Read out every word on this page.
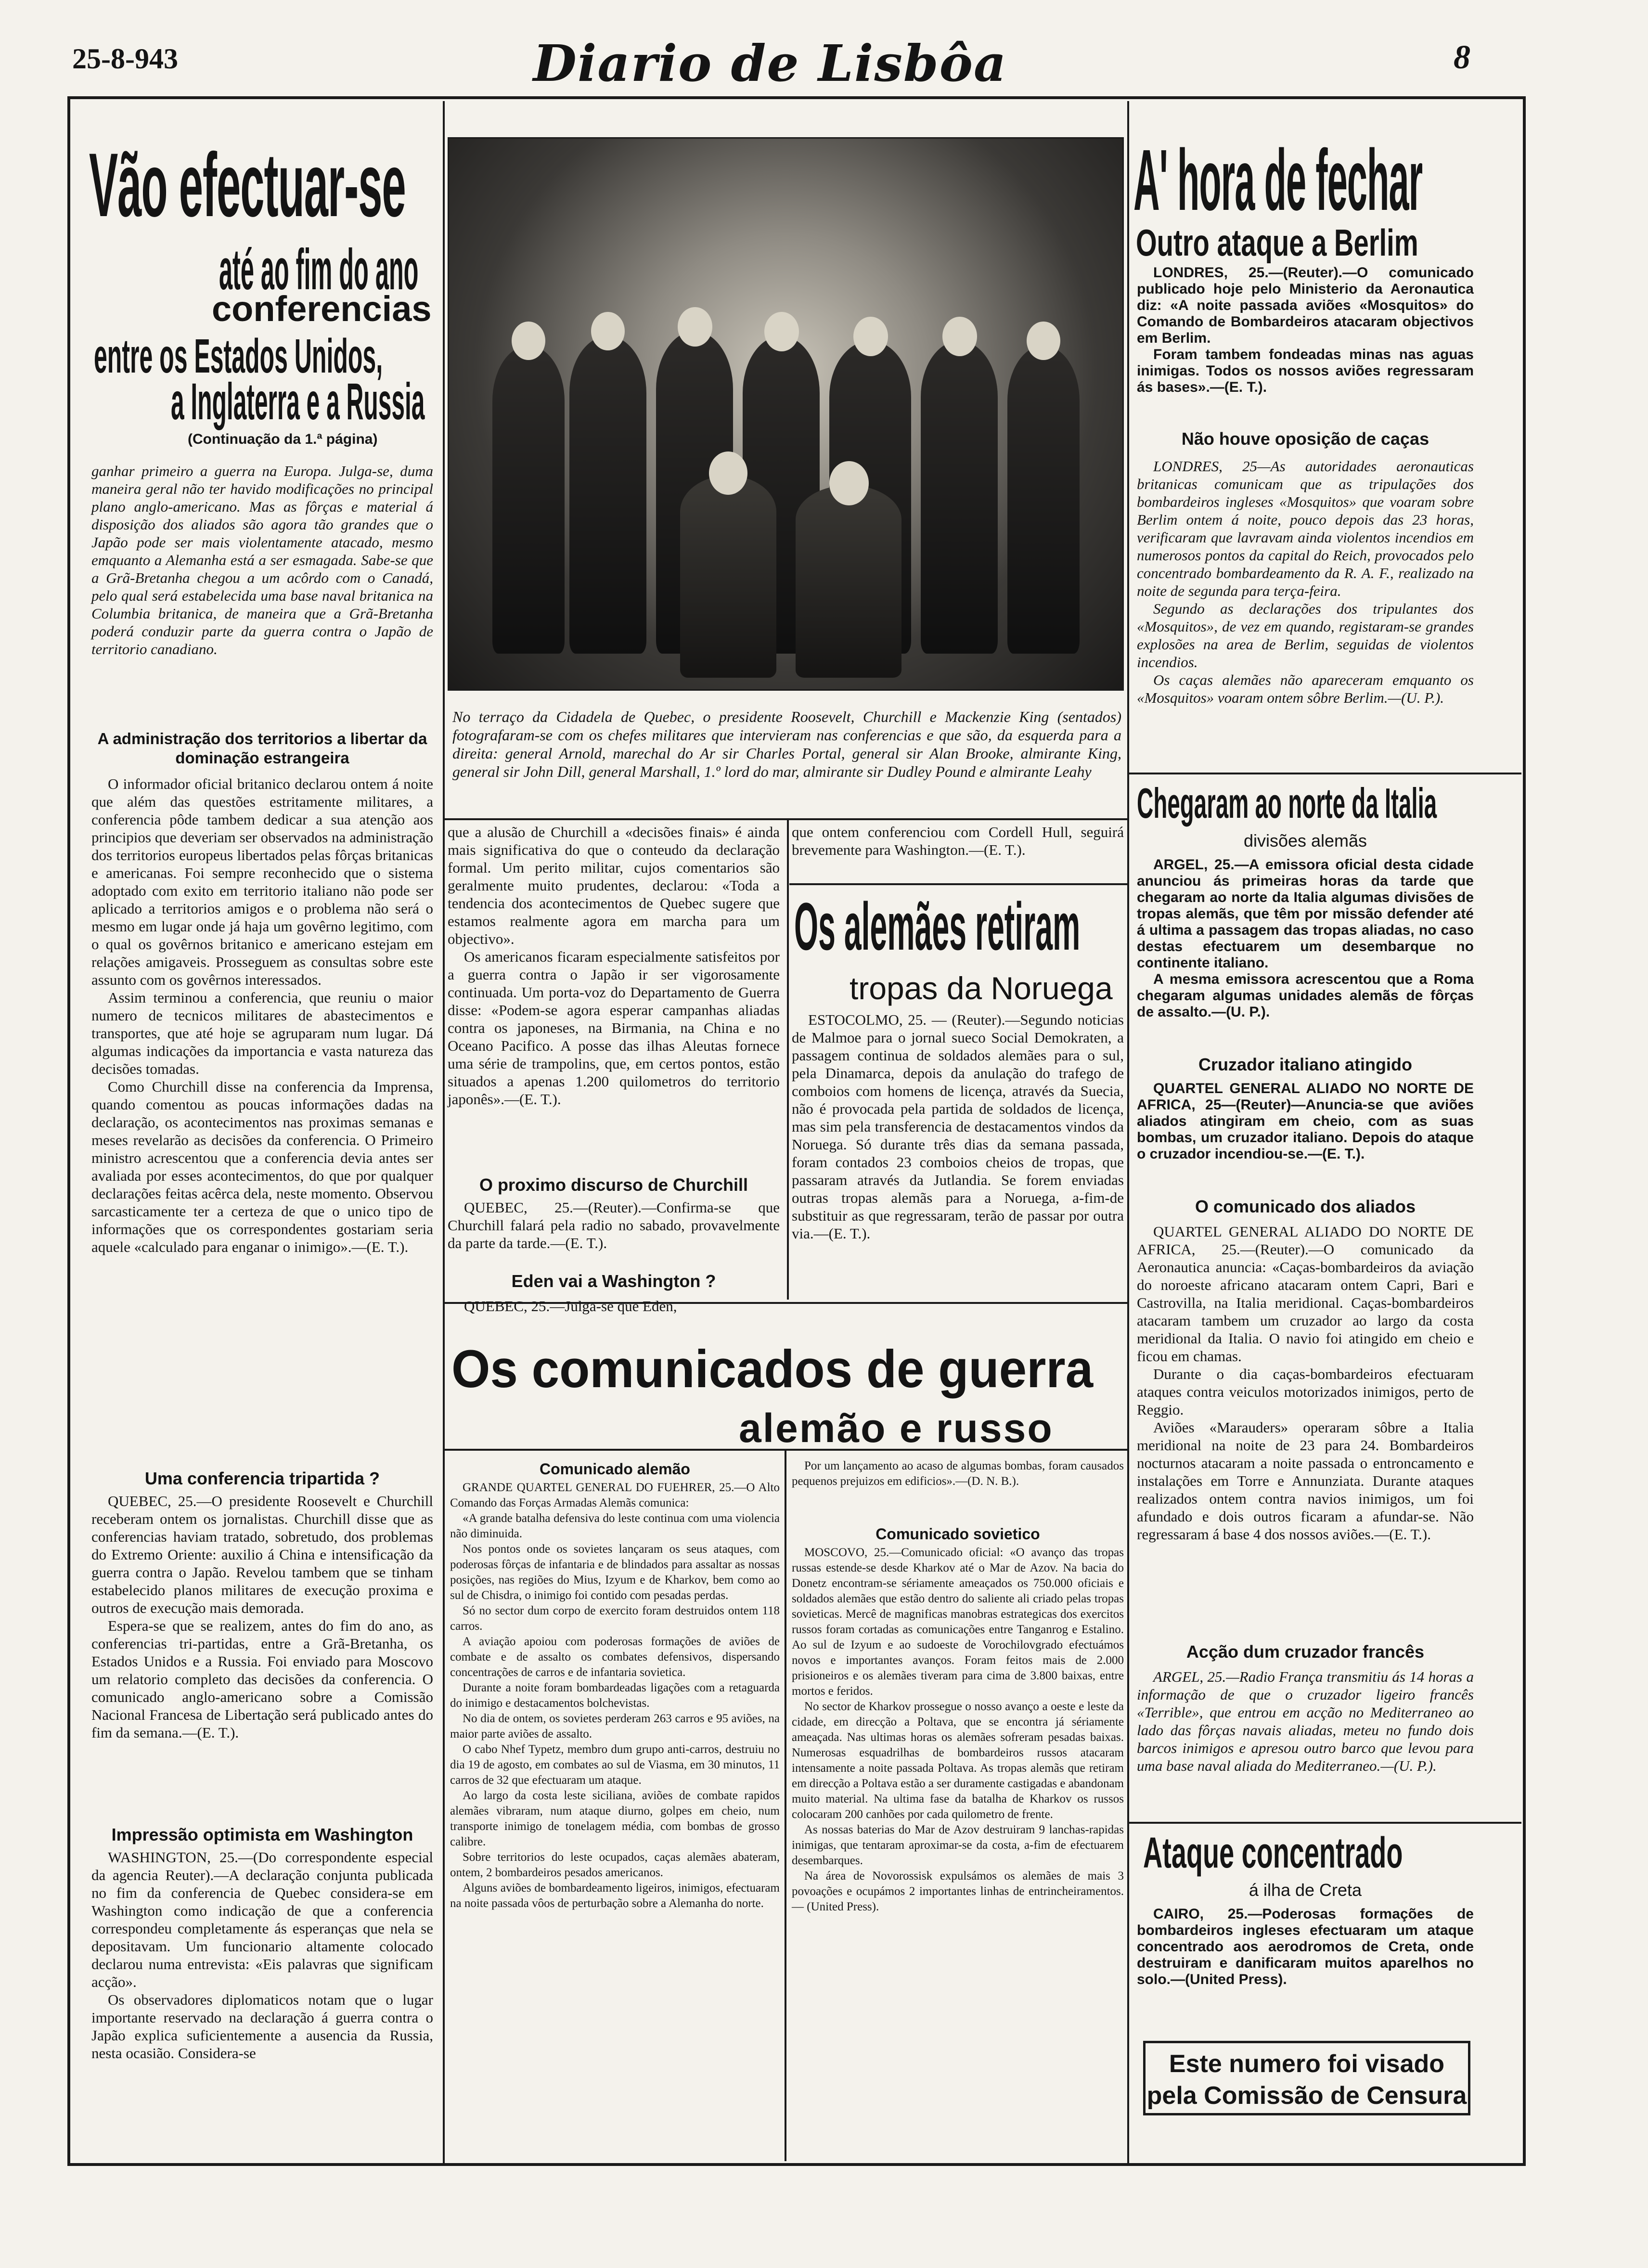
25-8-943	Diario de Lisbôa	8
Vão efectuar-se
até ao fim do ano
conferencias
entre os Estados Unidos,
a Inglaterra e a Russia
(Continuação da 1.ª página)

ganhar primeiro a guerra na Europa. Julga-se, duma maneira geral não ter havido modificações no principal plano anglo-americano. Mas as fôrças e material á disposição dos aliados são agora tão grandes que o Japão pode ser mais violentamente atacado, mesmo emquanto a Alemanha está a ser esmagada. Sabe-se que a Grã-Bretanha chegou a um acôrdo com o Canadá, pelo qual será estabelecida uma base naval britanica na Columbia britanica, de maneira que a Grã-Bretanha poderá conduzir parte da guerra contra o Japão de territorio canadiano.

A administração dos territorios a libertar da dominação estrangeira

O informador oficial britanico declarou ontem á noite que além das questões estritamente militares, a conferencia pôde tambem dedicar a sua atenção aos principios que deveriam ser observados na administração dos territorios europeus libertados pelas fôrças britanicas e americanas. Foi sempre reconhecido que o sistema adoptado com exito em territorio italiano não pode ser aplicado a territorios amigos e o problema não será o mesmo em lugar onde já haja um govêrno legitimo, com o qual os govêrnos britanico e americano estejam em relações amigaveis. Prosseguem as consultas sobre este assunto com os govêrnos interessados.

Assim terminou a conferencia, que reuniu o maior numero de tecnicos militares de abastecimentos e transportes, que até hoje se agruparam num lugar. Dá algumas indicações da importancia e vasta natureza das decisões tomadas.

Como Churchill disse na conferencia da Imprensa, quando comentou as poucas informações dadas na declaração, os acontecimentos nas proximas semanas e meses revelarão as decisões da conferencia. O Primeiro ministro acrescentou que a conferencia devia antes ser avaliada por esses acontecimentos, do que por qualquer declarações feitas acêrca dela, neste momento. Observou sarcasticamente ter a certeza de que o unico tipo de informações que os correspondentes gostariam seria aquele «calculado para enganar o inimigo».—(E. T.).

Uma conferencia tripartida ?

QUEBEC, 25.—O presidente Roosevelt e Churchill receberam ontem os jornalistas. Churchill disse que as conferencias haviam tratado, sobretudo, dos problemas do Extremo Oriente: auxilio á China e intensificação da guerra contra o Japão. Revelou tambem que se tinham estabelecido planos militares de execução proxima e outros de execução mais demorada.

Espera-se que se realizem, antes do fim do ano, as conferencias tri-partidas, entre a Grã-Bretanha, os Estados Unidos e a Russia. Foi enviado para Moscovo um relatorio completo das decisões da conferencia. O comunicado anglo-americano sobre a Comissão Nacional Francesa de Libertação será publicado antes do fim da semana.—(E. T.).

Impressão optimista em Washington

WASHINGTON, 25.—(Do correspondente especial da agencia Reuter).—A declaração conjunta publicada no fim da conferencia de Quebec considera-se em Washington como indicação de que a conferencia correspondeu completamente ás esperanças que nela se depositavam. Um funcionario altamente colocado declarou numa entrevista: «Eis palavras que significam acção».

Os observadores diplomaticos notam que o lugar importante reservado na declaração á guerra contra o Japão explica suficientemente a ausencia da Russia, nesta ocasião. Considera-se

No terraço da Cidadela de Quebec, o presidente Roosevelt, Churchill e Mackenzie King (sentados) fotografaram-se com os chefes militares que intervieram nas conferencias e que são, da esquerda para a direita: general Arnold, marechal do Ar sir Charles Portal, general sir Alan Brooke, almirante King, general sir John Dill, general Marshall, 1.º lord do mar, almirante sir Dudley Pound e almirante Leahy

que a alusão de Churchill a «decisões finais» é ainda mais significativa do que o conteudo da declaração formal. Um perito militar, cujos comentarios são geralmente muito prudentes, declarou: «Toda a tendencia dos acontecimentos de Quebec sugere que estamos realmente agora em marcha para um objectivo».

Os americanos ficaram especialmente satisfeitos por a guerra contra o Japão ir ser vigorosamente continuada. Um porta-voz do Departamento de Guerra disse: «Podem-se agora esperar campanhas aliadas contra os japoneses, na Birmania, na China e no Oceano Pacifico. A posse das ilhas Aleutas fornece uma série de trampolins, que, em certos pontos, estão situados a apenas 1.200 quilometros do territorio japonês».—(E. T.).

O proximo discurso de Churchill

QUEBEC, 25.—(Reuter).—Confirma-se que Churchill falará pela radio no sabado, provavelmente da parte da tarde.—(E. T.).

Eden vai a Washington ?

QUEBEC, 25.—Julga-se que Eden,

que ontem conferenciou com Cordell Hull, seguirá brevemente para Washington.—(E. T.).

Os alemães retiram
tropas da Noruega

ESTOCOLMO, 25. — (Reuter).—Segundo noticias de Malmoe para o jornal sueco Social Demokraten, a passagem continua de soldados alemães para o sul, pela Dinamarca, depois da anulação do trafego de comboios com homens de licença, através da Suecia, não é provocada pela partida de soldados de licença, mas sim pela transferencia de destacamentos vindos da Noruega. Só durante três dias da semana passada, foram contados 23 comboios cheios de tropas, que passaram através da Jutlandia. Se forem enviadas outras tropas alemãs para a Noruega, a-fim-de substituir as que regressaram, terão de passar por outra via.—(E. T.).

Os comunicados de guerra
alemão e russo
Comunicado alemão

GRANDE QUARTEL GENERAL DO FUEHRER, 25.—O Alto Comando das Forças Armadas Alemãs comunica:

«A grande batalha defensiva do leste continua com uma violencia não diminuida.

Nos pontos onde os sovietes lançaram os seus ataques, com poderosas fôrças de infantaria e de blindados para assaltar as nossas posições, nas regiões do Mius, Izyum e de Kharkov, bem como ao sul de Chisdra, o inimigo foi contido com pesadas perdas.

Só no sector dum corpo de exercito foram destruidos ontem 118 carros.

A aviação apoiou com poderosas formações de aviões de combate e de assalto os combates defensivos, dispersando concentrações de carros e de infantaria sovietica.

Durante a noite foram bombardeadas ligações com a retaguarda do inimigo e destacamentos bolchevistas.

No dia de ontem, os sovietes perderam 263 carros e 95 aviões, na maior parte aviões de assalto.

O cabo Nhef Typetz, membro dum grupo anti-carros, destruiu no dia 19 de agosto, em combates ao sul de Viasma, em 30 minutos, 11 carros de 32 que efectuaram um ataque.

Ao largo da costa leste siciliana, aviões de combate rapidos alemães vibraram, num ataque diurno, golpes em cheio, num transporte inimigo de tonelagem média, com bombas de grosso calibre.

Sobre territorios do leste ocupados, caças alemães abateram, ontem, 2 bombardeiros pesados americanos.

Alguns aviões de bombardeamento ligeiros, inimigos, efectuaram na noite passada vôos de perturbação sobre a Alemanha do norte.

Por um lançamento ao acaso de algumas bombas, foram causados pequenos prejuizos em edificios».—(D. N. B.).

Comunicado sovietico

MOSCOVO, 25.—Comunicado oficial: «O avanço das tropas russas estende-se desde Kharkov até o Mar de Azov. Na bacia do Donetz encontram-se sériamente ameaçados os 750.000 oficiais e soldados alemães que estão dentro do saliente ali criado pelas tropas sovieticas. Mercê de magnificas manobras estrategicas dos exercitos russos foram cortadas as comunicações entre Tanganrog e Estalino. Ao sul de Izyum e ao sudoeste de Vorochilovgrado efectuámos novos e importantes avanços. Foram feitos mais de 2.000 prisioneiros e os alemães tiveram para cima de 3.800 baixas, entre mortos e feridos.

No sector de Kharkov prossegue o nosso avanço a oeste e leste da cidade, em direcção a Poltava, que se encontra já sériamente ameaçada. Nas ultimas horas os alemães sofreram pesadas baixas. Numerosas esquadrilhas de bombardeiros russos atacaram intensamente a noite passada Poltava. As tropas alemãs que retiram em direcção a Poltava estão a ser duramente castigadas e abandonam muito material. Na ultima fase da batalha de Kharkov os russos colocaram 200 canhões por cada quilometro de frente.

As nossas baterias do Mar de Azov destruiram 9 lanchas-rapidas inimigas, que tentaram aproximar-se da costa, a-fim de efectuarem desembarques.

Na área de Novorossisk expulsámos os alemães de mais 3 povoações e ocupámos 2 importantes linhas de entrincheiramentos. — (United Press).

A' hora de fechar
Outro ataque a Berlim

LONDRES, 25.—(Reuter).—O comunicado publicado hoje pelo Ministerio da Aeronautica diz: «A noite passada aviões «Mosquitos» do Comando de Bombardeiros atacaram objectivos em Berlim.

Foram tambem fondeadas minas nas aguas inimigas. Todos os nossos aviões regressaram ás bases».—(E. T.).

Não houve oposição de caças

LONDRES, 25—As autoridades aeronauticas britanicas comunicam que as tripulações dos bombardeiros ingleses «Mosquitos» que voaram sobre Berlim ontem á noite, pouco depois das 23 horas, verificaram que lavravam ainda violentos incendios em numerosos pontos da capital do Reich, provocados pelo concentrado bombardeamento da R. A. F., realizado na noite de segunda para terça-feira.

Segundo as declarações dos tripulantes dos «Mosquitos», de vez em quando, registaram-se grandes explosões na area de Berlim, seguidas de violentos incendios.

Os caças alemães não apareceram emquanto os «Mosquitos» voaram ontem sôbre Berlim.—(U. P.).

Chegaram ao norte da Italia
divisões alemãs

ARGEL, 25.—A emissora oficial desta cidade anunciou ás primeiras horas da tarde que chegaram ao norte da Italia algumas divisões de tropas alemãs, que têm por missão defender até á ultima a passagem das tropas aliadas, no caso destas efectuarem um desembarque no continente italiano.

A mesma emissora acrescentou que a Roma chegaram algumas unidades alemãs de fôrças de assalto.—(U. P.).

Cruzador italiano atingido

QUARTEL GENERAL ALIADO NO NORTE DE AFRICA, 25—(Reuter)—Anuncia-se que aviões aliados atingiram em cheio, com as suas bombas, um cruzador italiano. Depois do ataque o cruzador incendiou-se.—(E. T.).

O comunicado dos aliados

QUARTEL GENERAL ALIADO DO NORTE DE AFRICA, 25.—(Reuter).—O comunicado da Aeronautica anuncia: «Caças-bombardeiros da aviação do noroeste africano atacaram ontem Capri, Bari e Castrovilla, na Italia meridional. Caças-bombardeiros atacaram tambem um cruzador ao largo da costa meridional da Italia. O navio foi atingido em cheio e ficou em chamas.

Durante o dia caças-bombardeiros efectuaram ataques contra veiculos motorizados inimigos, perto de Reggio.

Aviões «Marauders» operaram sôbre a Italia meridional na noite de 23 para 24. Bombardeiros nocturnos atacaram a noite passada o entroncamento e instalações em Torre e Annunziata. Durante ataques realizados ontem contra navios inimigos, um foi afundado e dois outros ficaram a afundar-se. Não regressaram á base 4 dos nossos aviões.—(E. T.).

Acção dum cruzador francês

ARGEL, 25.—Radio França transmitiu ás 14 horas a informação de que o cruzador ligeiro francês «Terrible», que entrou em acção no Mediterraneo ao lado das fôrças navais aliadas, meteu no fundo dois barcos inimigos e apresou outro barco que levou para uma base naval aliada do Mediterraneo.—(U. P.).

Ataque concentrado
á ilha de Creta

CAIRO, 25.—Poderosas formações de bombardeiros ingleses efectuaram um ataque concentrado aos aerodromos de Creta, onde destruiram e danificaram muitos aparelhos no solo.—(United Press).

Este numero foi visado
pela Comissão de Censura
